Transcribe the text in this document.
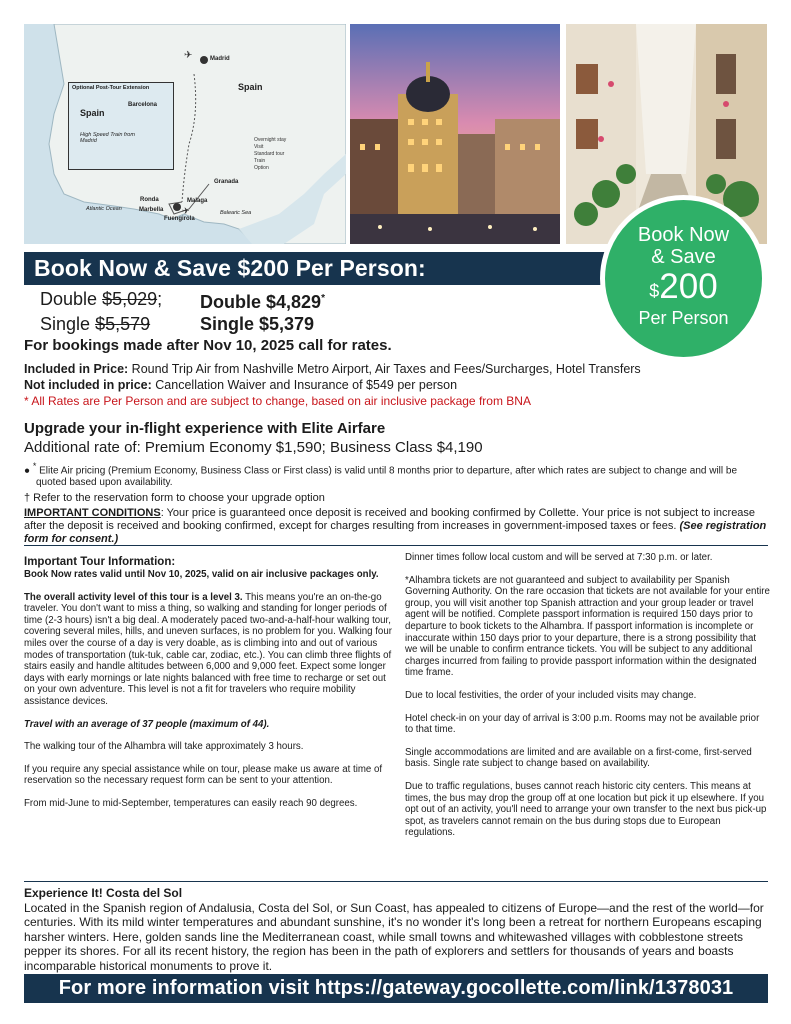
✈
✈
Optional Post-Tour Extension
Spain
Barcelona
High Speed Train from Madrid
Madrid
Spain
Granada
Ronda
Marbella
Malaga
Fuengirola
Atlantic Ocean
Balearic Sea
Overnight stay
Visit
Standard tour
Train
Option
Book Now & Save $200 Per Person:
Book Now
& Save
$200
Per Person
Double $5,029;	Double $4,829*
Single $5,579	Single $5,379
For bookings made after Nov 10, 2025 call for rates.
Included in Price: Round Trip Air from Nashville Metro Airport, Air Taxes and Fees/Surcharges, Hotel Transfers
Not included in price: Cancellation Waiver and Insurance of $549 per person
* All Rates are Per Person and are subject to change, based on air inclusive package from BNA
Upgrade your in-flight experience with Elite Airfare
Additional rate of: Premium Economy $1,590; Business Class $4,190
● * Elite Air pricing (Premium Economy, Business Class or First class) is valid until 8 months prior to departure, after which rates are subject to change and will be quoted based upon availability.
† Refer to the reservation form to choose your upgrade option
IMPORTANT CONDITIONS: Your price is guaranteed once deposit is received and booking confirmed by Collette. Your price is not subject to increase after the deposit is received and booking confirmed, except for charges resulting from increases in government-imposed taxes or fees. (See registration form for consent.)
Important Tour Information:

Book Now rates valid until Nov 10, 2025, valid on air inclusive packages only.

The overall activity level of this tour is a level 3. This means you're an on-the-go traveler. You don't want to miss a thing, so walking and standing for longer periods of time (2-3 hours) isn't a big deal. A moderately paced two-and-a-half-hour walking tour, covering several miles, hills, and uneven surfaces, is no problem for you. Walking four miles over the course of a day is very doable, as is climbing into and out of various modes of transportation (tuk-tuk, cable car, zodiac, etc.). You can climb three flights of stairs easily and handle altitudes between 6,000 and 9,000 feet. Expect some longer days with early mornings or late nights balanced with free time to recharge or set out on your own adventure. This level is not a fit for travelers who require mobility assistance devices.

Travel with an average of 37 people (maximum of 44).

The walking tour of the Alhambra will take approximately 3 hours.

If you require any special assistance while on tour, please make us aware at time of reservation so the necessary request form can be sent to your attention.

From mid-June to mid-September, temperatures can easily reach 90 degrees.

Dinner times follow local custom and will be served at 7:30 p.m. or later.

*Alhambra tickets are not guaranteed and subject to availability per Spanish Governing Authority. On the rare occasion that tickets are not available for your entire group, you will visit another top Spanish attraction and your group leader or travel agent will be notified. Complete passport information is required 150 days prior to departure to book tickets to the Alhambra. If passport information is incomplete or inaccurate within 150 days prior to your departure, there is a strong possibility that we will be unable to confirm entrance tickets. You will be subject to any additional charges incurred from failing to provide passport information within the designated time frame.

Due to local festivities, the order of your included visits may change.

Hotel check-in on your day of arrival is 3:00 p.m. Rooms may not be available prior to that time.

Single accommodations are limited and are available on a first-come, first-served basis. Single rate subject to change based on availability.

Due to traffic regulations, buses cannot reach historic city centers. This means at times, the bus may drop the group off at one location but pick it up elsewhere. If you opt out of an activity, you'll need to arrange your own transfer to the next bus pick-up spot, as travelers cannot remain on the bus during stops due to European regulations.

Experience It! Costa del Sol
Located in the Spanish region of Andalusia, Costa del Sol, or Sun Coast, has appealed to citizens of Europe—and the rest of the world—for centuries. With its mild winter temperatures and abundant sunshine, it's no wonder it's long been a retreat for northern Europeans escaping harsher winters. Here, golden sands line the Mediterranean coast, while small towns and whitewashed villages with cobblestone streets pepper its shores. For all its recent history, the region has been in the path of explorers and settlers for thousands of years and boasts incomparable historical monuments to prove it.
For more information visit https://gateway.gocollette.com/link/1378031
